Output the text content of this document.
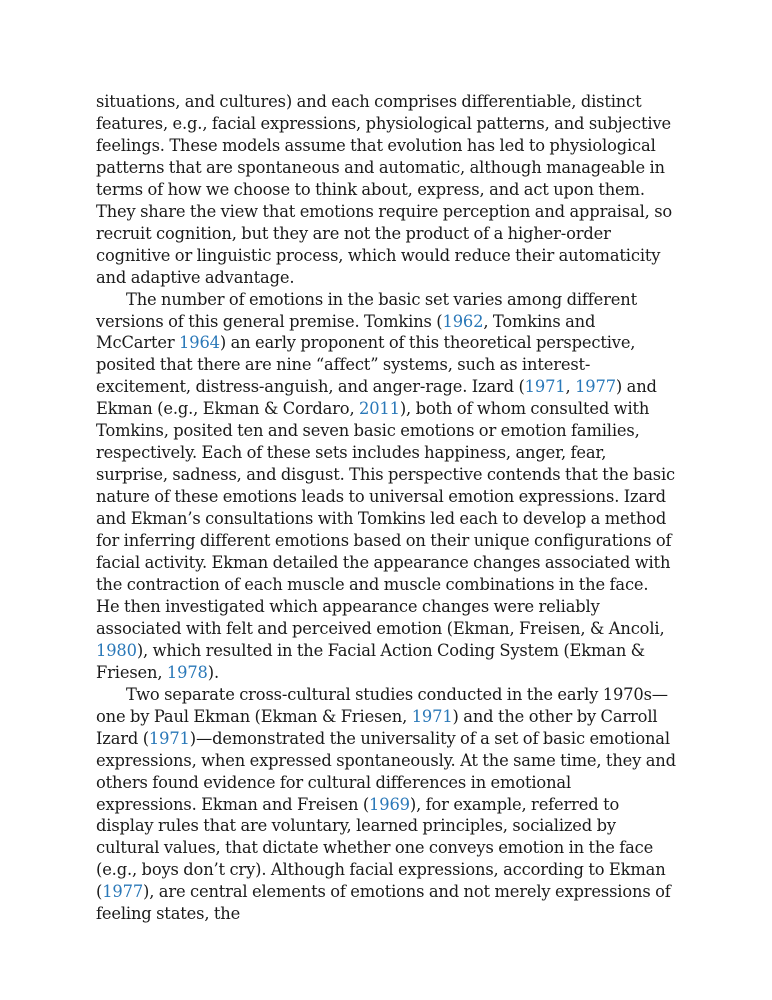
situations, and cultures) and each comprises differentiable, distinct features, e.g., facial expressions, physiological patterns, and subjective feelings. These models assume that evolution has led to physiological patterns that are spontaneous and automatic, although manageable in terms of how we choose to think about, express, and act upon them. They share the view that emotions require perception and appraisal, so recruit cognition, but they are not the product of a higher-order cognitive or linguistic process, which would reduce their automaticity and adaptive advantage.

The number of emotions in the basic set varies among different versions of this general premise. Tomkins (1962, Tomkins and McCarter 1964) an early proponent of this theoretical perspective, posited that there are nine “affect” systems, such as interest-excitement, distress-anguish, and anger-rage. Izard (1971, 1977) and Ekman (e.g., Ekman & Cordaro, 2011), both of whom consulted with Tomkins, posited ten and seven basic emotions or emotion families, respectively. Each of these sets includes happiness, anger, fear, surprise, sadness, and disgust. This perspective contends that the basic nature of these emotions leads to universal emotion expressions. Izard and Ekman’s consultations with Tomkins led each to develop a method for inferring different emotions based on their unique configurations of facial activity. Ekman detailed the appearance changes associated with the contraction of each muscle and muscle combinations in the face. He then investigated which appearance changes were reliably associated with felt and perceived emotion (Ekman, Freisen, & Ancoli, 1980), which resulted in the Facial Action Coding System (Ekman & Friesen, 1978).

Two separate cross-cultural studies conducted in the early 1970s—one by Paul Ekman (Ekman & Friesen, 1971) and the other by Carroll Izard (1971)—demonstrated the universality of a set of basic emotional expressions, when expressed spontaneously. At the same time, they and others found evidence for cultural differences in emotional expressions. Ekman and Freisen (1969), for example, referred to display rules that are voluntary, learned principles, socialized by cultural values, that dictate whether one conveys emotion in the face (e.g., boys don’t cry). Although facial expressions, according to Ekman (1977), are central elements of emotions and not merely expressions of feeling states, the
